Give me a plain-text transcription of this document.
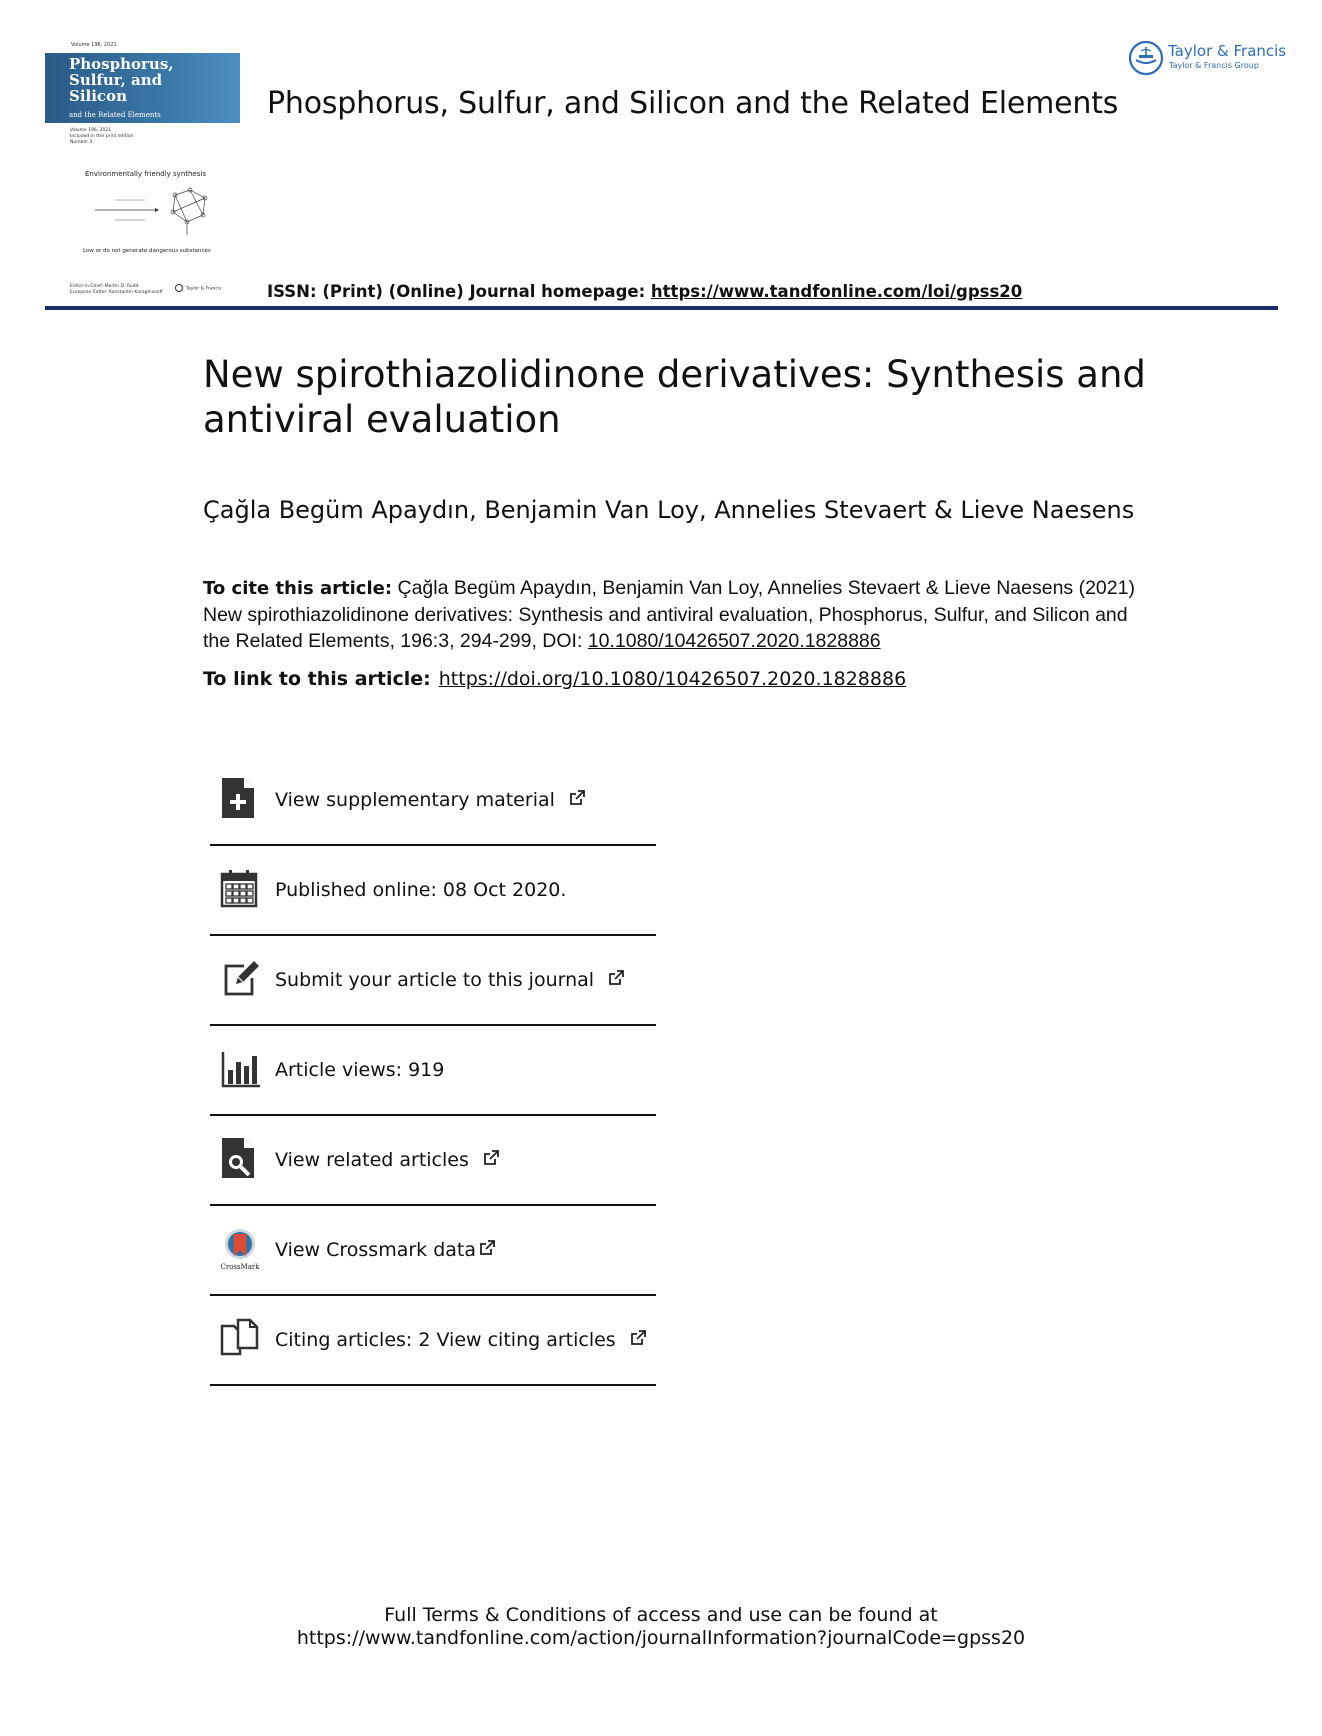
Volume 196, 2021
Phosphorus,
Sulfur, and
Silicon
and the Related Elements
Volume 196, 2021
Included in this print edition:
Number 3
Environmentally friendly synthesis
Low or do not generate dangerous substances
Editor-in-Chief: Martin D. Rudd
European Editor: Konstantin Karaghiosoff
Taylor & Francis
Phosphorus, Sulfur, and Silicon and the Related Elements
Taylor & Francis
Taylor & Francis Group
ISSN: (Print) (Online) Journal homepage: https://www.tandfonline.com/loi/gpss20
New spirothiazolidinone derivatives: Synthesis and antiviral evaluation
Çağla Begüm Apaydın, Benjamin Van Loy, Annelies Stevaert & Lieve Naesens
To cite this article: Çağla Begüm Apaydın, Benjamin Van Loy, Annelies Stevaert & Lieve Naesens (2021) New spirothiazolidinone derivatives: Synthesis and antiviral evaluation, Phosphorus, Sulfur, and Silicon and the Related Elements, 196:3, 294-299, DOI: 10.1080/10426507.2020.1828886
To link to this article: https://doi.org/10.1080/10426507.2020.1828886
View supplementary material
Published online: 08 Oct 2020.
Submit your article to this journal
Article views: 919
View related articles
CrossMark
View Crossmark data
Citing articles: 2 View citing articles
Full Terms & Conditions of access and use can be found at
https://www.tandfonline.com/action/journalInformation?journalCode=gpss20
